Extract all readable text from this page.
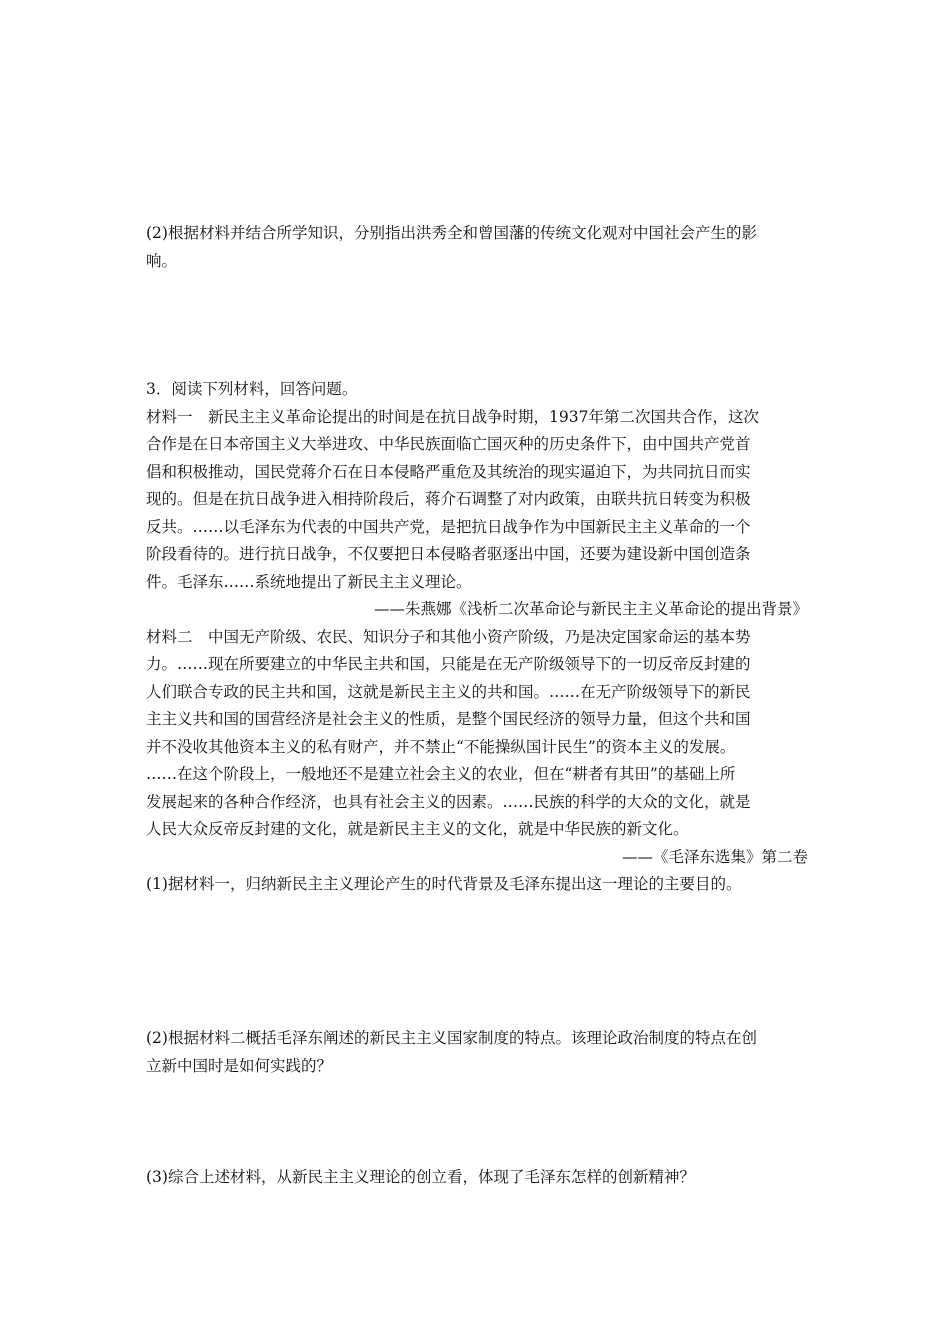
(2)根据材料并结合所学知识，分别指出洪秀全和曾国藩的传统文化观对中国社会产生的影
响。
3．阅读下列材料，回答问题。
材料一　新民主主义革命论提出的时间是在抗日战争时期，1937年第二次国共合作，这次
合作是在日本帝国主义大举进攻、中华民族面临亡国灭种的历史条件下，由中国共产党首
倡和积极推动，国民党蒋介石在日本侵略严重危及其统治的现实逼迫下，为共同抗日而实
现的。但是在抗日战争进入相持阶段后，蒋介石调整了对内政策，由联共抗日转变为积极
反共。……以毛泽东为代表的中国共产党，是把抗日战争作为中国新民主主义革命的一个
阶段看待的。进行抗日战争，不仅要把日本侵略者驱逐出中国，还要为建设新中国创造条
件。毛泽东……系统地提出了新民主主义理论。
——朱燕娜《浅析二次革命论与新民主主义革命论的提出背景》
材料二　中国无产阶级、农民、知识分子和其他小资产阶级，乃是决定国家命运的基本势
力。……现在所要建立的中华民主共和国，只能是在无产阶级领导下的一切反帝反封建的
人们联合专政的民主共和国，这就是新民主主义的共和国。……在无产阶级领导下的新民
主主义共和国的国营经济是社会主义的性质，是整个国民经济的领导力量，但这个共和国
并不没收其他资本主义的私有财产，并不禁止“不能操纵国计民生”的资本主义的发展。
……在这个阶段上，一般地还不是建立社会主义的农业，但在“耕者有其田”的基础上所
发展起来的各种合作经济，也具有社会主义的因素。……民族的科学的大众的文化，就是
人民大众反帝反封建的文化，就是新民主主义的文化，就是中华民族的新文化。
——《毛泽东选集》第二卷
(1)据材料一，归纳新民主主义理论产生的时代背景及毛泽东提出这一理论的主要目的。
(2)根据材料二概括毛泽东阐述的新民主主义国家制度的特点。该理论政治制度的特点在创
立新中国时是如何实践的？
(3)综合上述材料，从新民主主义理论的创立看，体现了毛泽东怎样的创新精神？
